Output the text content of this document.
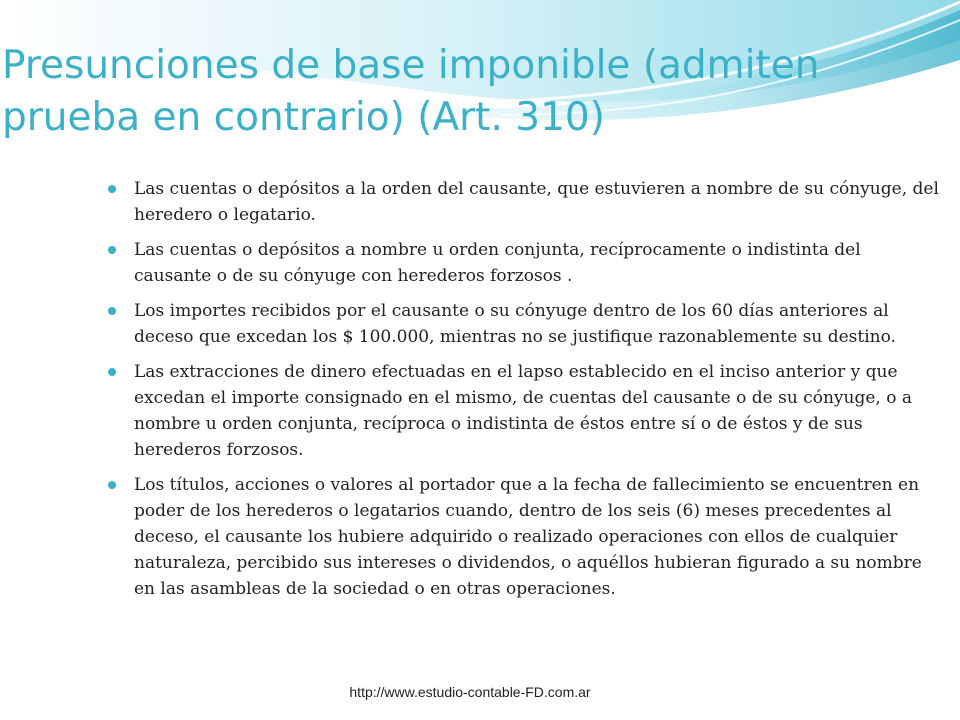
Presunciones de base imponible (admiten prueba en contrario) (Art. 310)
Las cuentas o depósitos a la orden del causante, que estuvieren a nombre de su cónyuge, del heredero o legatario.
Las cuentas o depósitos a nombre u orden conjunta, recíprocamente o indistinta del causante o de su cónyuge con herederos forzosos .
Los importes recibidos por el causante o su cónyuge dentro de los 60 días anteriores al deceso que excedan los $ 100.000, mientras no se justifique razonablemente su destino.
Las extracciones de dinero efectuadas en el lapso establecido en el inciso anterior y que excedan el importe consignado en el mismo, de cuentas del causante o de su cónyuge, o a nombre u orden conjunta, recíproca o indistinta de éstos entre sí o de éstos y de sus herederos forzosos.
Los títulos, acciones o valores al portador que a la fecha de fallecimiento se encuentren en poder de los herederos o legatarios cuando, dentro de los seis (6) meses precedentes al deceso, el causante los hubiere adquirido o realizado operaciones con ellos de cualquier naturaleza, percibido sus intereses o dividendos, o aquéllos hubieran figurado a su nombre en las asambleas de la sociedad o en otras operaciones.
http://www.estudio-contable-FD.com.ar
